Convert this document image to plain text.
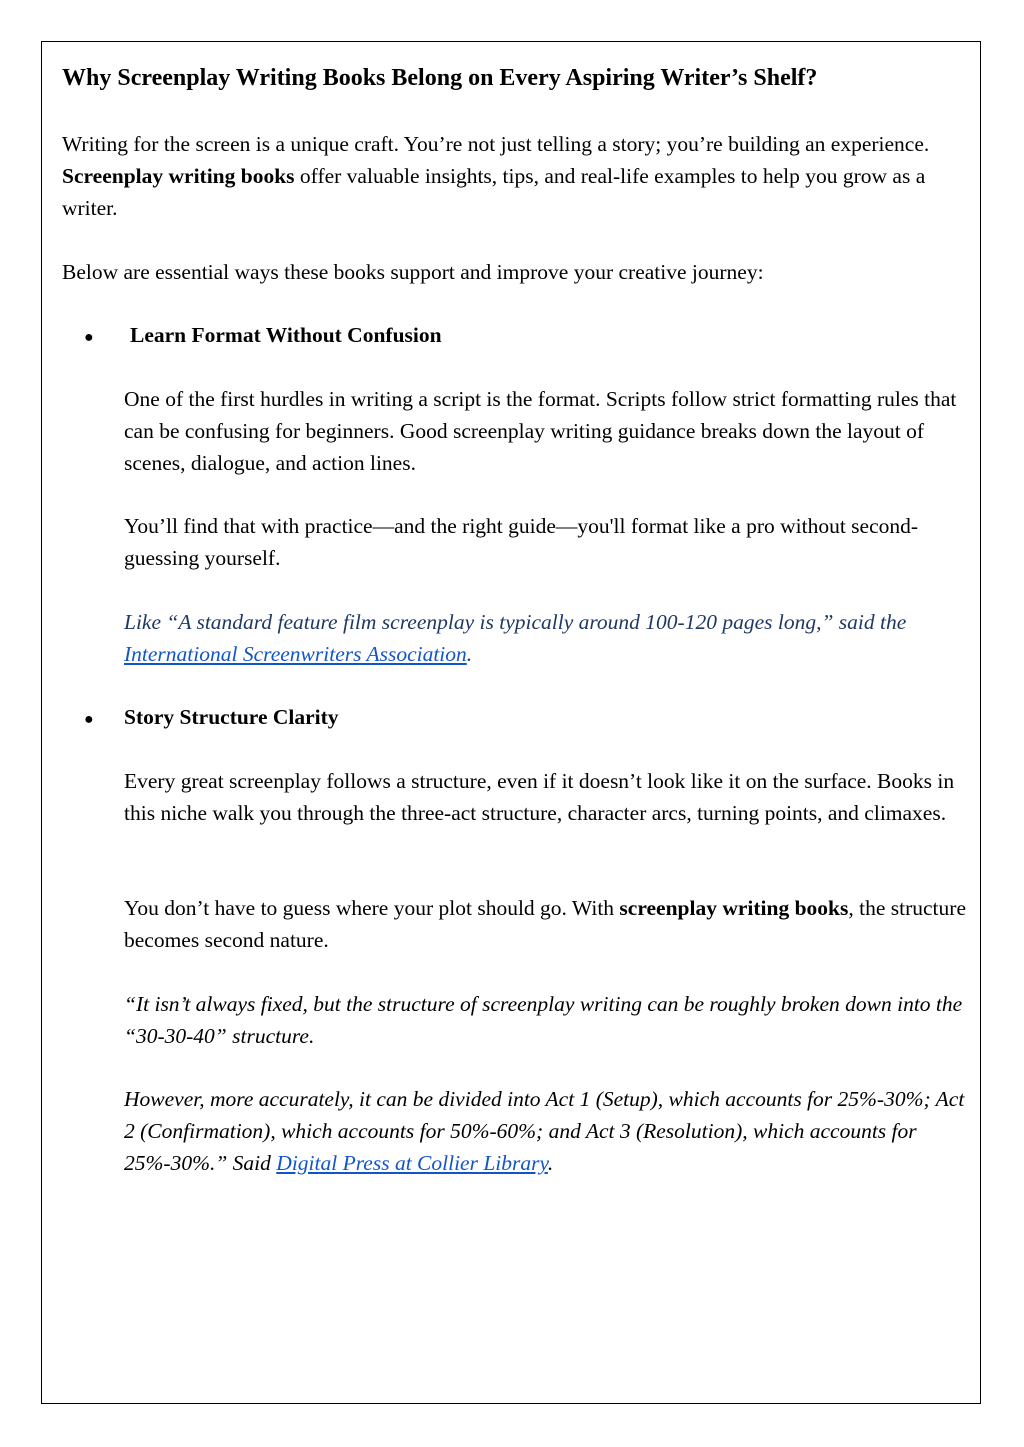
Why Screenplay Writing Books Belong on Every Aspiring Writer’s Shelf?

Writing for the screen is a unique craft. You’re not just telling a story; you’re building an experience. Screenplay writing books offer valuable insights, tips, and real-life examples to help you grow as a writer.

Below are essential ways these books support and improve your creative journey:

● Learn Format Without Confusion

One of the first hurdles in writing a script is the format. Scripts follow strict formatting rules that can be confusing for beginners. Good screenplay writing guidance breaks down the layout of scenes, dialogue, and action lines.

You’ll find that with practice—and the right guide—you'll format like a pro without second-guessing yourself.

Like “A standard feature film screenplay is typically around 100-120 pages long,” said the International Screenwriters Association.

● Story Structure Clarity

Every great screenplay follows a structure, even if it doesn’t look like it on the surface. Books in this niche walk you through the three-act structure, character arcs, turning points, and climaxes.

You don’t have to guess where your plot should go. With screenplay writing books, the structure becomes second nature.

“It isn’t always fixed, but the structure of screenplay writing can be roughly broken down into the “30-30-40” structure.

However, more accurately, it can be divided into Act 1 (Setup), which accounts for 25%-30%; Act 2 (Confirmation), which accounts for 50%-60%; and Act 3 (Resolution), which accounts for 25%-30%.” Said Digital Press at Collier Library.
